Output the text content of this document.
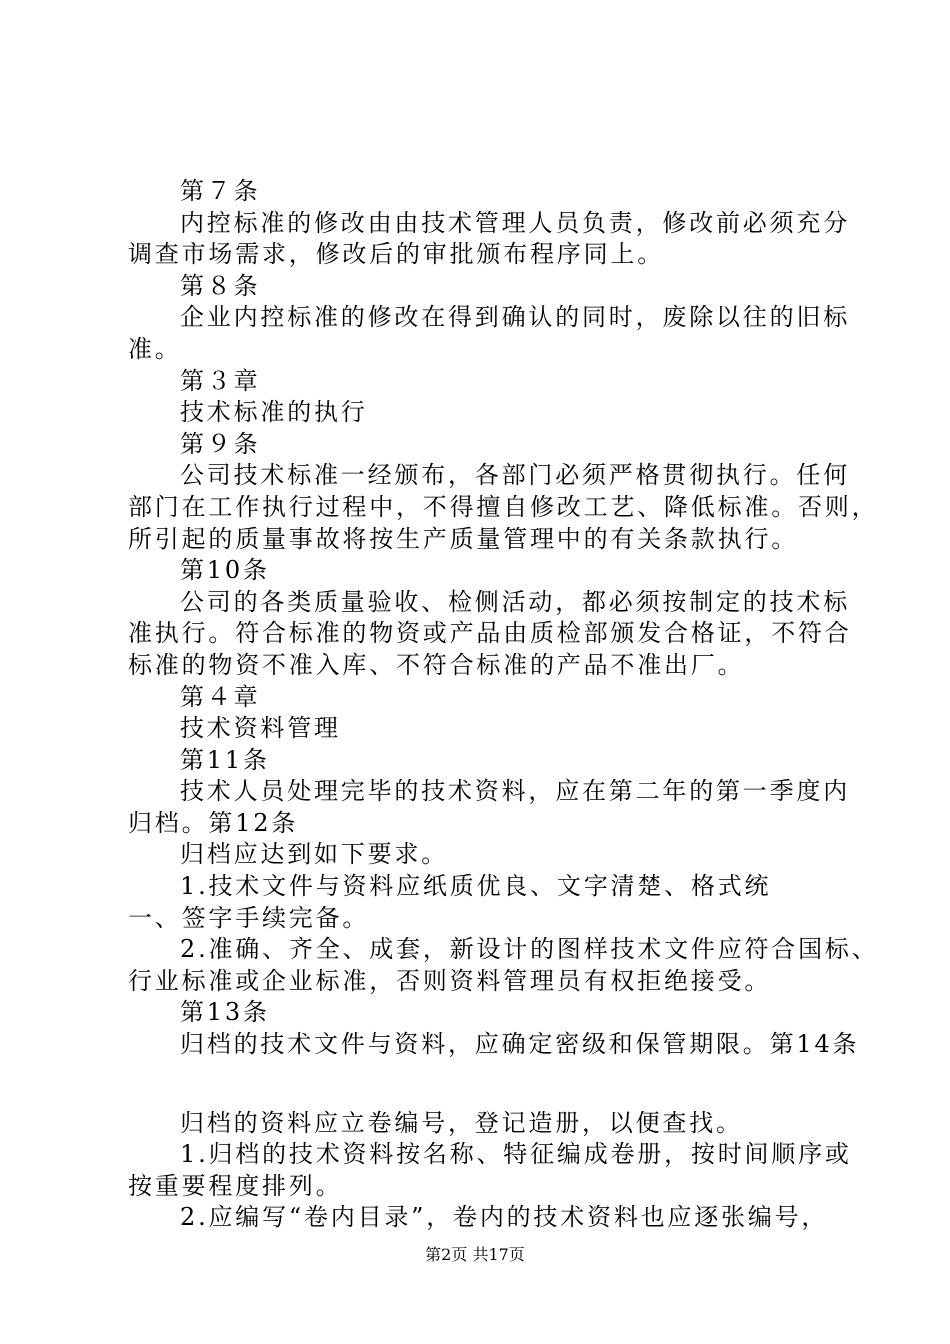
第７条
内控标准的修改由由技术管理人员负责，修改前必须充分
调查市场需求，修改后的审批颁布程序同上。
第８条
企业内控标准的修改在得到确认的同时，废除以往的旧标
准。
第３章
技术标准的执行
第９条
公司技术标准一经颁布，各部门必须严格贯彻执行。任何
部门在工作执行过程中，不得擅自修改工艺、降低标准。否则，
所引起的质量事故将按生产质量管理中的有关条款执行。
第10条
公司的各类质量验收、检侧活动，都必须按制定的技术标
准执行。符合标准的物资或产品由质检部颁发合格证，不符合
标准的物资不准入库、不符合标准的产品不准出厂。
第４章
技术资料管理
第11条
技术人员处理完毕的技术资料，应在第二年的第一季度内
归档。第12条
归档应达到如下要求。
1.技术文件与资料应纸质优良、文字清楚、格式统
一、签字手续完备。
2.准确、齐全、成套，新设计的图样技术文件应符合国标、
行业标准或企业标准，否则资料管理员有权拒绝接受。
第13条
归档的技术文件与资料，应确定密级和保管期限。第14条
归档的资料应立卷编号，登记造册，以便查找。
1.归档的技术资料按名称、特征编成卷册，按时间顺序或
按重要程度排列。
2.应编写“卷内目录”，卷内的技术资料也应逐张编号，
第2页 共17页
